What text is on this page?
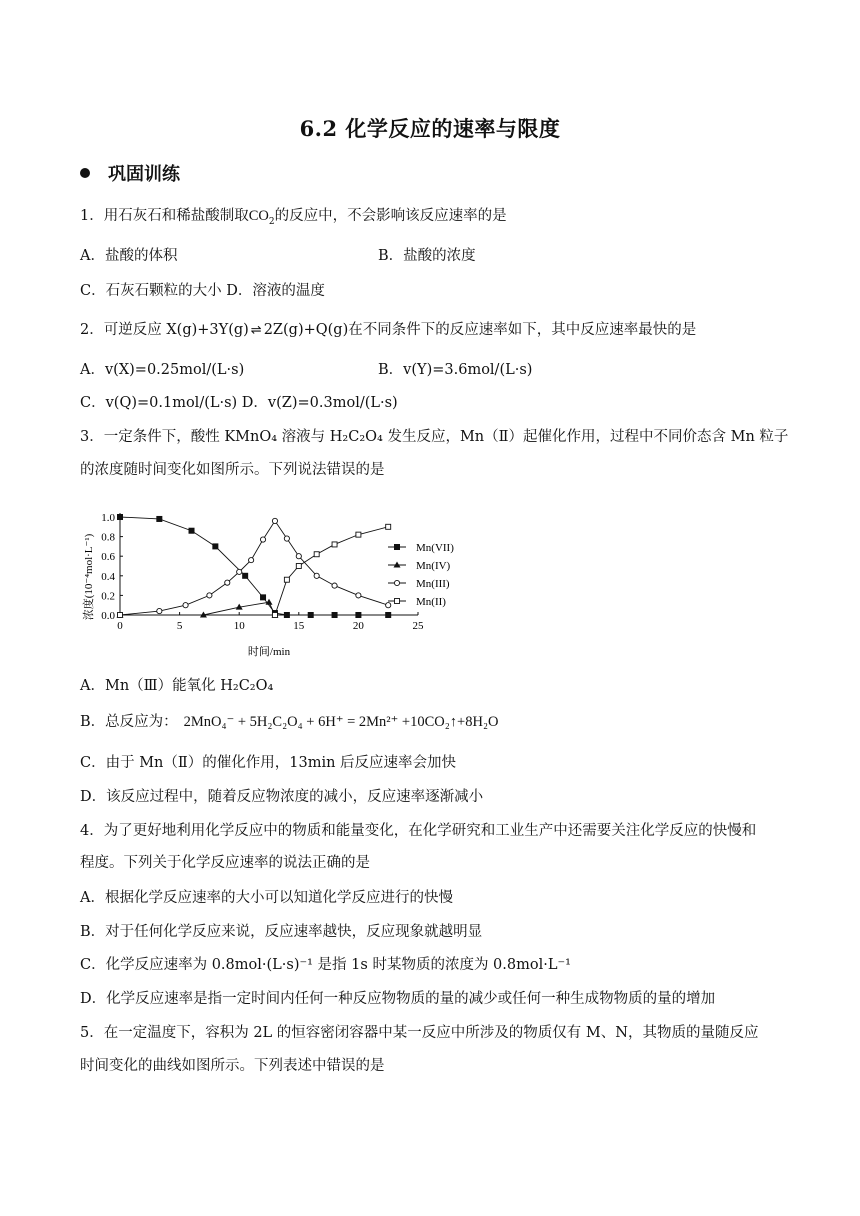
6.2 化学反应的速率与限度
巩固训练
1．用石灰石和稀盐酸制取$CO_2$的反应中，不会影响该反应速率的是
A．盐酸的体积	B．盐酸的浓度
C．石灰石颗粒的大小 D．溶液的温度
2．可逆反应 X(g)+3Y(g) ⇌ 2Z(g)+Q(g)在不同条件下的反应速率如下，其中反应速率最快的是
A．v(X)=0.25mol/(L·s)	B．v(Y)=3.6mol/(L·s)
C．v(Q)=0.1mol/(L·s) D．v(Z)=0.3mol/(L·s)
3．一定条件下，酸性 KMnO₄ 溶液与 H₂C₂O₄ 发生反应，Mn（Ⅱ）起催化作用，过程中不同价态含 Mn 粒子
的浓度随时间变化如图所示。下列说法错误的是
0	5	10	15	20	25
0.0
0.2
0.4
0.6
0.8
1.0
Mn(VII)
Mn(IV)
Mn(III)
Mn(II)
浓度(10⁻⁴mol·L⁻¹)
时间/min
A．Mn（Ⅲ）能氧化 H₂C₂O₄
B．总反应为： 2MnO₄⁻ + 5H₂C₂O₄ + 6H⁺ = 2Mn²⁺ +10CO₂↑+8H₂O
C．由于 Mn（Ⅱ）的催化作用，13min 后反应速率会加快
D．该反应过程中，随着反应物浓度的减小，反应速率逐渐减小
4．为了更好地利用化学反应中的物质和能量变化，在化学研究和工业生产中还需要关注化学反应的快慢和
程度。下列关于化学反应速率的说法正确的是
A．根据化学反应速率的大小可以知道化学反应进行的快慢
B．对于任何化学反应来说，反应速率越快，反应现象就越明显
C．化学反应速率为 0.8mol·(L·s)⁻¹ 是指 1s 时某物质的浓度为 0.8mol·L⁻¹
D．化学反应速率是指一定时间内任何一种反应物物质的量的减少或任何一种生成物物质的量的增加
5．在一定温度下，容积为 2L 的恒容密闭容器中某一反应中所涉及的物质仅有 M、N，其物质的量随反应
时间变化的曲线如图所示。下列表述中错误的是
